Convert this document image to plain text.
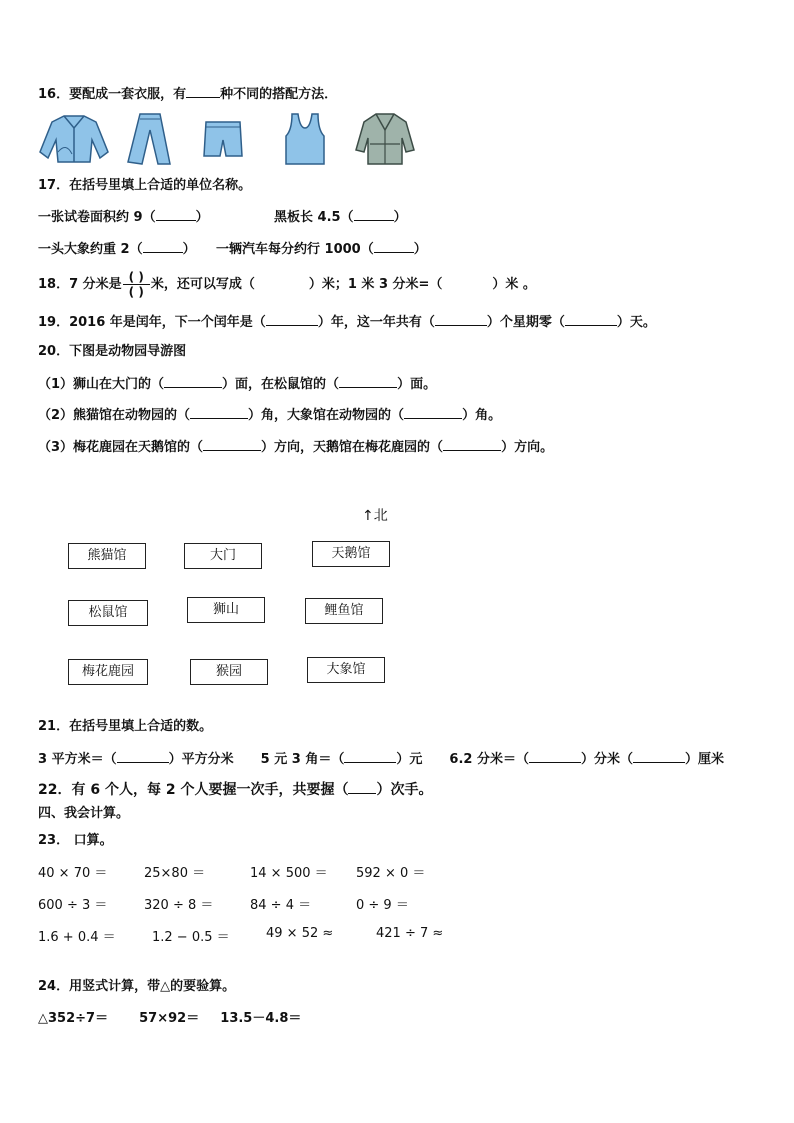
16．要配成一套衣服，有	种不同的搭配方法．
17．在括号里填上合适的单位名称。
一张试卷面积约 9（	）	黑板长 4.5（	）
一头大象约重 2（	） 一辆汽车每分约行 1000（	）
18．7 分米是 $\frac{( )}{( )}$ 米，还可以写成（	）米；1 米 3 分米=（	）米 。
19．2016 年是闰年，下一个闰年是（	）年，这一年共有（	）个星期零（	）天。
20．下图是动物园导游图
（1）狮山在大门的（	）面，在松鼠馆的（	）面。
（2）熊猫馆在动物园的（	）角，大象馆在动物园的（	）角。
（3）梅花鹿园在天鹅馆的（	）方向，天鹅馆在梅花鹿园的（	）方向。
↑北
熊猫馆	大门	天鹅馆
松鼠馆	狮山	鲤鱼馆
梅花鹿园	猴园	大象馆
21．在括号里填上合适的数。
3 平方米＝（	）平方分米 5 元 3 角＝（	）元 6.2 分米＝（	）分米（	）厘米
22．有 6 个人，每 2 个人要握一次手，共要握（ ）次手。
四、我会计算。
23． 口算。
40 × 70 ＝	25×80 ＝	14 × 500 ＝ 592 × 0 ＝
600 ÷ 3 ＝	320 ÷ 8 ＝	84 ÷ 4 ＝	0 ÷ 9 ＝
1.6 + 0.4 ＝	1.2 − 0.5 ＝	49 × 52 ≈	421 ÷ 7 ≈
24．用竖式计算，带△的要验算。
△352÷7＝ 57×92＝ 13.5－4.8＝
